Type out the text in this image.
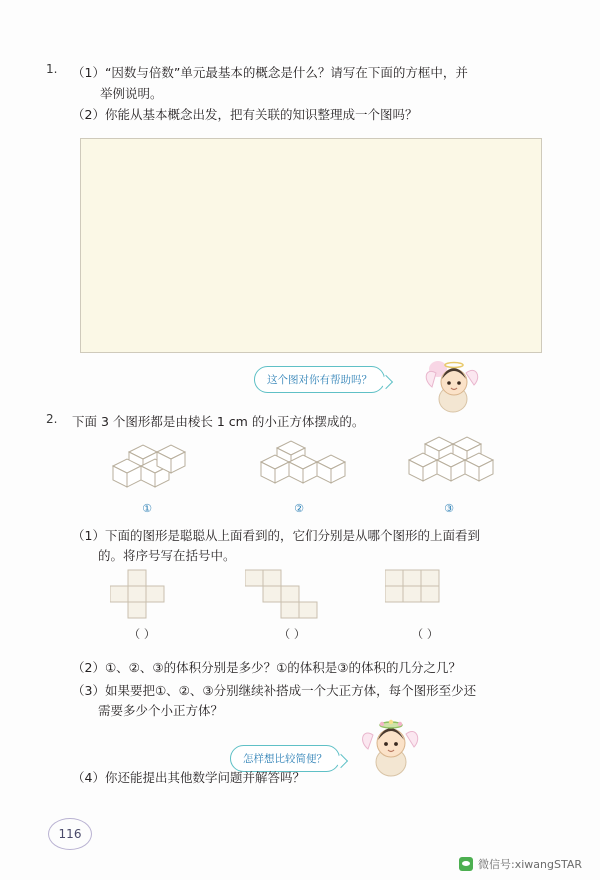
1. （1）“因数与倍数”单元最基本的概念是什么？请写在下面的方框中，并
举例说明。
（2）你能从基本概念出发，把有关联的知识整理成一个图吗？
这个图对你有帮助吗？
2. 下面 3 个图形都是由棱长 1 cm 的小正方体摆成的。
①	②	③
（1）下面的图形是聪聪从上面看到的，它们分别是从哪个图形的上面看到
的。将序号写在括号中。
（ ）	（ ）	（ ）
（2）①、②、③的体积分别是多少？①的体积是③的体积的几分之几？
（3）如果要把①、②、③分别继续补搭成一个大正方体，每个图形至少还
需要多少个小正方体？
怎样想比较简便？
（4）你还能提出其他数学问题并解答吗？
116
微信号:xiwangSTAR
